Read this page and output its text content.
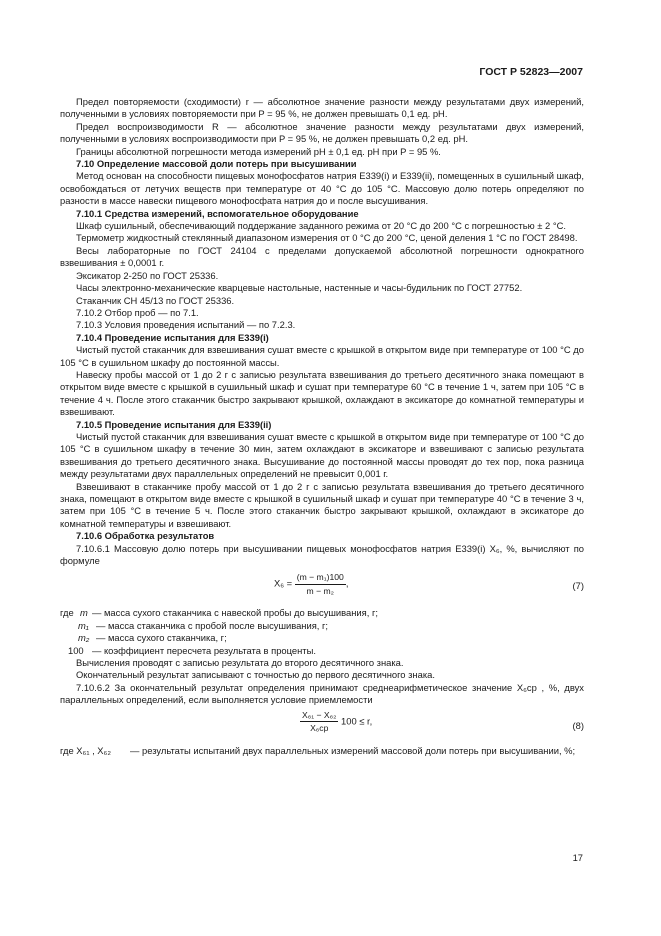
ГОСТ Р 52823—2007

Предел повторяемости (сходимости) r — абсолютное значение разности между результатами двух измерений, полученными в условиях повторяемости при P = 95 %, не должен превышать 0,1 ед. рН.

Предел воспроизводимости R — абсолютное значение разности между результатами двух измерений, полученными в условиях воспроизводимости при P = 95 %, не должен превышать 0,2 ед. рН.

Границы абсолютной погрешности метода измерений рН ± 0,1 ед. рН при P = 95 %.

7.10 Определение массовой доли потерь при высушивании

Метод основан на способности пищевых монофосфатов натрия Е339(i) и Е339(ii), помещенных в сушильный шкаф, освобождаться от летучих веществ при температуре от 40 °C до 105 °C. Массовую долю потерь определяют по разности в массе навески пищевого монофосфата натрия до и после высушивания.

7.10.1 Средства измерений, вспомогательное оборудование

Шкаф сушильный, обеспечивающий поддержание заданного режима от 20 °C до 200 °C с погрешностью ± 2 °C.

Термометр жидкостный стеклянный диапазоном измерения от 0 °C до 200 °C, ценой деления 1 °C по ГОСТ 28498.

Весы лабораторные по ГОСТ 24104 с пределами допускаемой абсолютной погрешности однократного взвешивания ± 0,0001 г.

Эксикатор 2-250 по ГОСТ 25336.

Часы электронно-механические кварцевые настольные, настенные и часы-будильник по ГОСТ 27752.

Стаканчик СН 45/13 по ГОСТ 25336.

7.10.2 Отбор проб — по 7.1.

7.10.3 Условия проведения испытаний — по 7.2.3.

7.10.4 Проведение испытания для Е339(i)

Чистый пустой стаканчик для взвешивания сушат вместе с крышкой в открытом виде при температуре от 100 °C до 105 °C в сушильном шкафу до постоянной массы.

Навеску пробы массой от 1 до 2 г с записью результата взвешивания до третьего десятичного знака помещают в открытом виде вместе с крышкой в сушильный шкаф и сушат при температуре 60 °C в течение 1 ч, затем при 105 °C в течение 4 ч. После этого стаканчик быстро закрывают крышкой, охлаждают в эксикаторе до комнатной температуры и взвешивают.

7.10.5 Проведение испытания для Е339(ii)

Чистый пустой стаканчик для взвешивания сушат вместе с крышкой в открытом виде при температуре от 100 °C до 105 °C в сушильном шкафу в течение 30 мин, затем охлаждают в эксикаторе и взвешивают с записью результата взвешивания до третьего десятичного знака. Высушивание до постоянной массы проводят до тех пор, пока разница между результатами двух параллельных определений не превысит 0,001 г.

Взвешивают в стаканчике пробу массой от 1 до 2 г с записью результата взвешивания до третьего десятичного знака, помещают в открытом виде вместе с крышкой в сушильный шкаф и сушат при температуре 40 °C в течение 3 ч, затем при 105 °C в течение 5 ч. После этого стаканчик быстро закрывают крышкой, охлаждают в эксикаторе до комнатной температуры и взвешивают.

7.10.6 Обработка результатов

7.10.6.1 Массовую долю потерь при высушивании пищевых монофосфатов натрия Е339(i) X₆, %, вычисляют по формуле

$X_6 = \frac{\text{(m − m₁)100}}{\text{m − m₂}}$ ,	(7)
где m — масса сухого стаканчика с навеской пробы до высушивания, г;
m₁ — масса стаканчика с пробой после высушивания, г;
m₂ — масса сухого стаканчика, г;
100 — коэффициент пересчета результата в проценты.

Вычисления проводят с записью результата до второго десятичного знака.

Окончательный результат записывают с точностью до первого десятичного знака.

7.10.6.2 За окончательный результат определения принимают среднеарифметическое значение X₆ср , %, двух параллельных определений, если выполняется условие приемлемости

$\frac{\text{X₆₁ − X₆₂}}{\text{X₆ср}} 100 \le r$,	(8)
где X₆₁ , X₆₂	— результаты испытаний двух параллельных измерений массовой доли потерь при высушивании, %;
17
